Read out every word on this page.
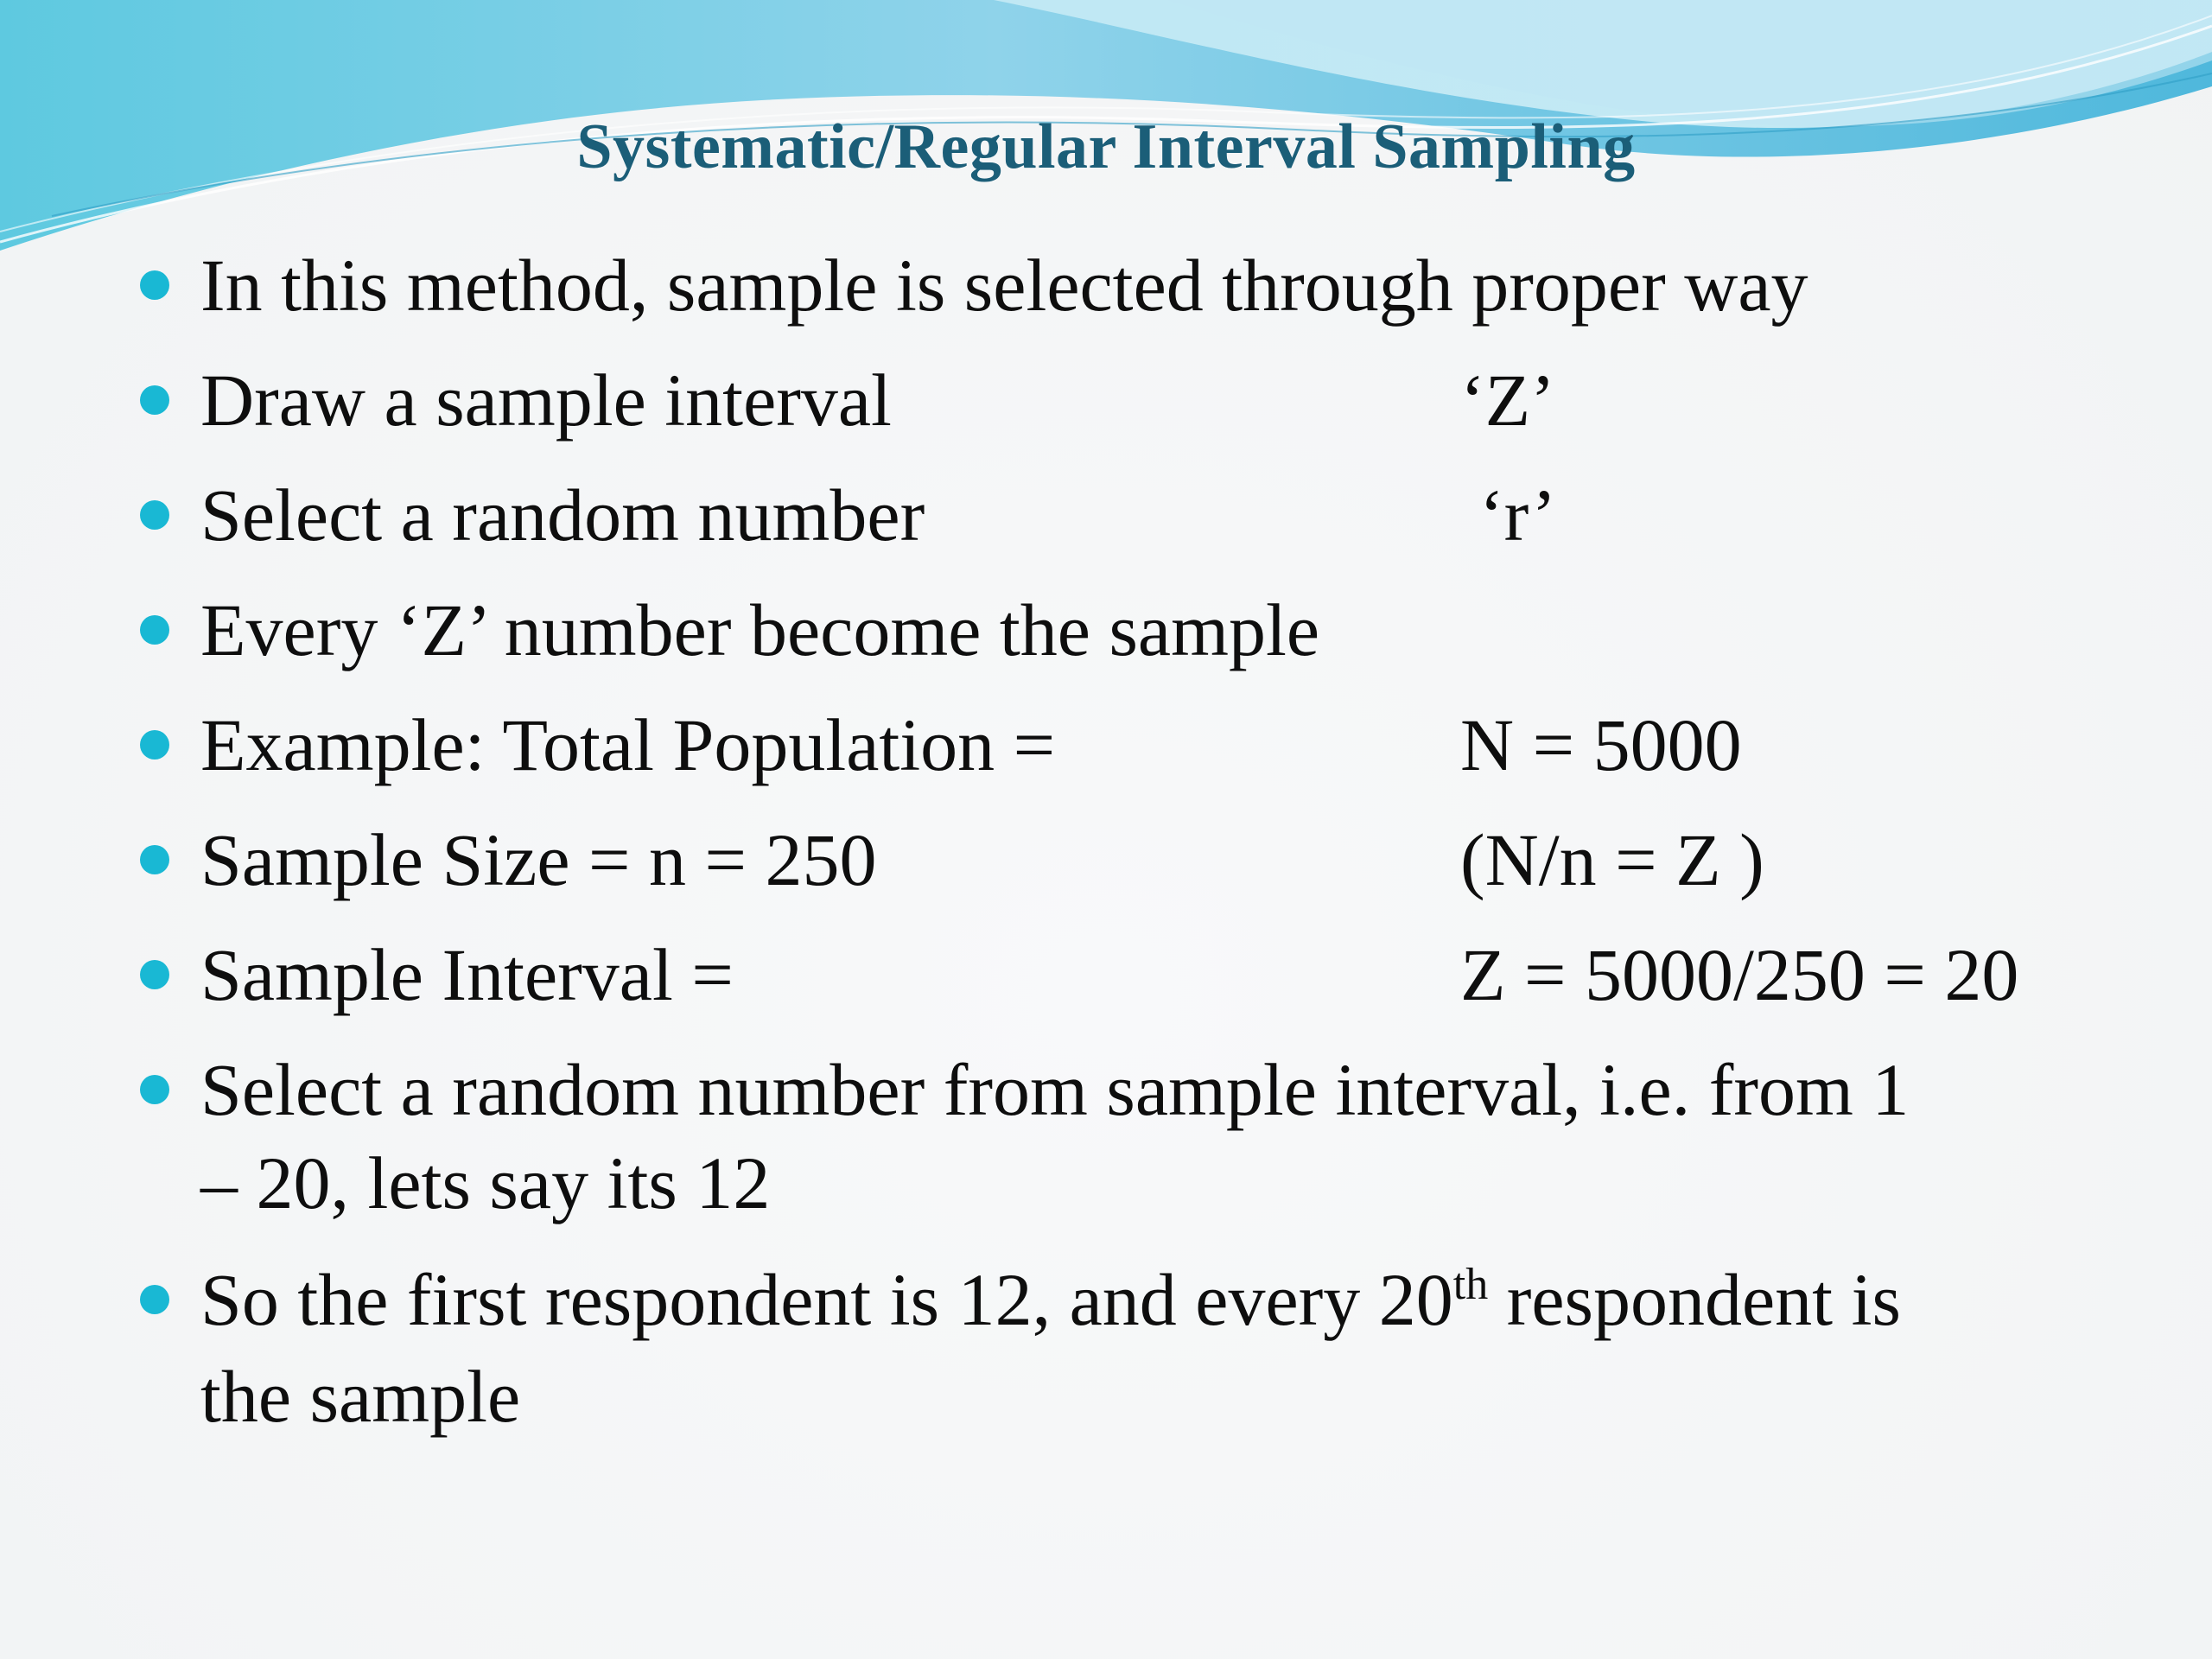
Systematic/Regular Interval Sampling
In this method, sample is selected through proper way
Draw a sample interval	‘Z’
Select a random number	‘r’
Every ‘Z’ number become the sample
Example: Total Population =	N = 5000
Sample Size = n = 250	(N/n = Z )
Sample Interval =	Z = 5000/250 = 20
Select a random number from sample interval, i.e. from 1
– 20, lets say its 12
So the first respondent is 12, and every 20th respondent is
the sample
